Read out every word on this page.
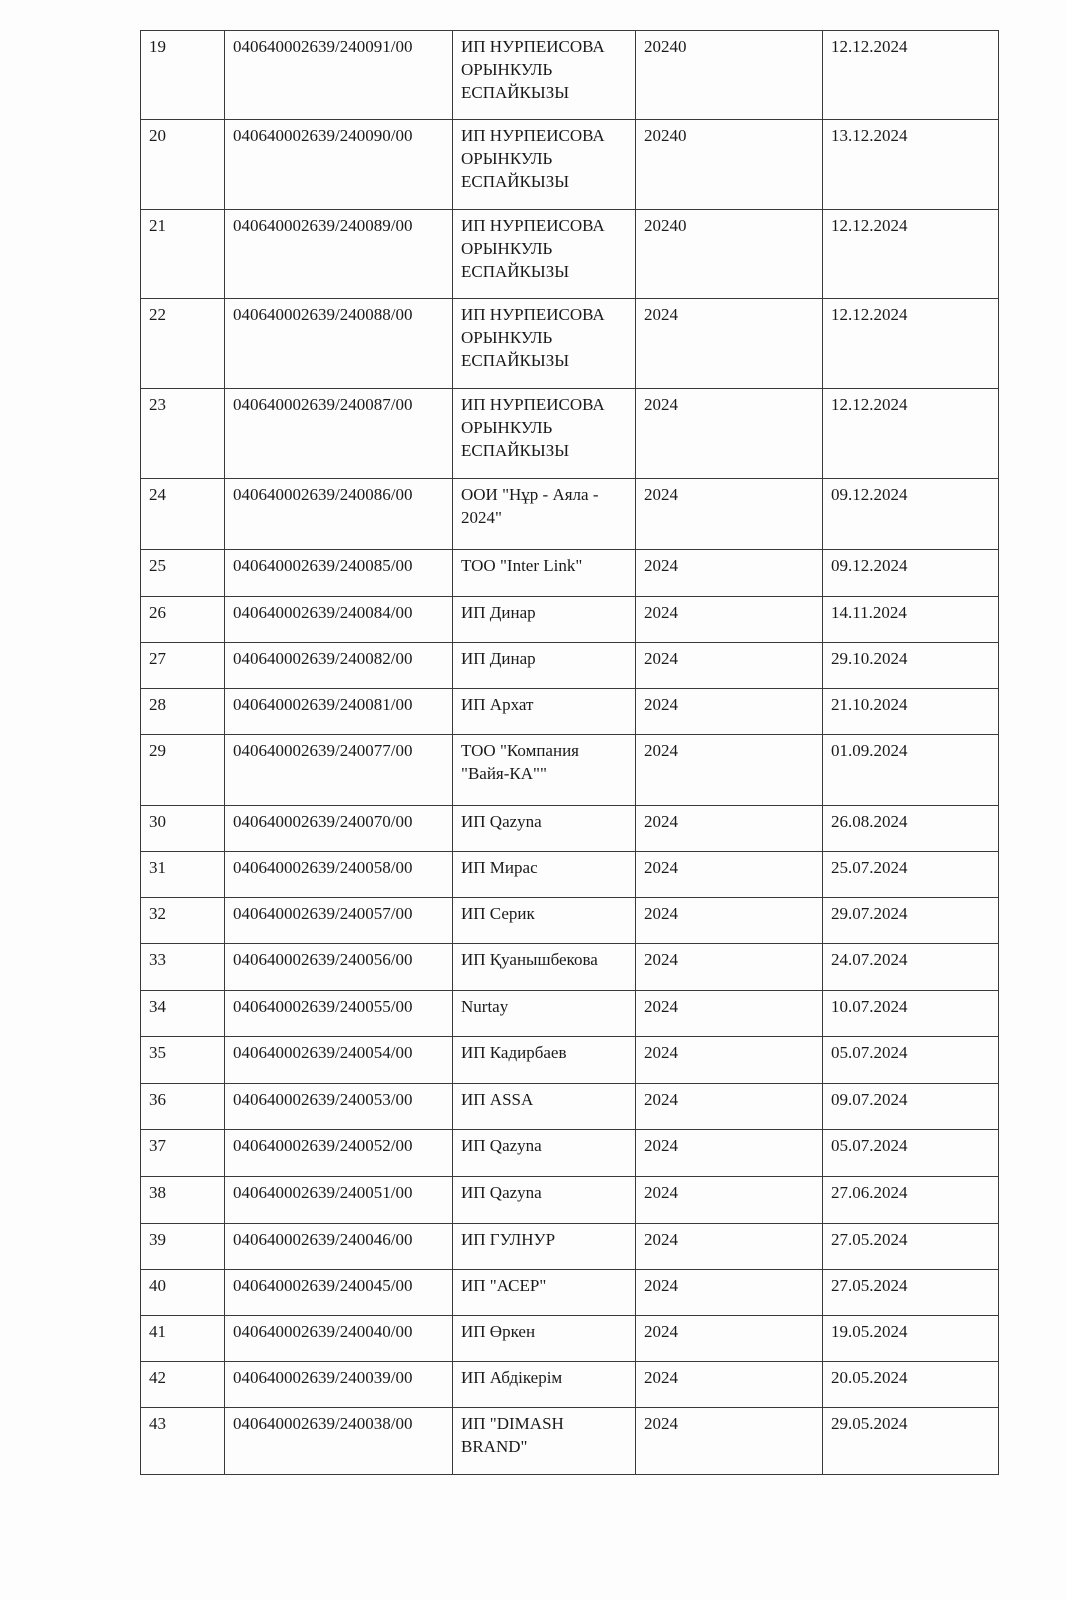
19	040640002639/240091/00	ИП НУРПЕИСОВА ОРЫНКУЛЬ ЕСПАЙКЫЗЫ	20240	12.12.2024
20	040640002639/240090/00	ИП НУРПЕИСОВА ОРЫНКУЛЬ ЕСПАЙКЫЗЫ	20240	13.12.2024
21	040640002639/240089/00	ИП НУРПЕИСОВА ОРЫНКУЛЬ ЕСПАЙКЫЗЫ	20240	12.12.2024
22	040640002639/240088/00	ИП НУРПЕИСОВА ОРЫНКУЛЬ ЕСПАЙКЫЗЫ	2024	12.12.2024
23	040640002639/240087/00	ИП НУРПЕИСОВА ОРЫНКУЛЬ ЕСПАЙКЫЗЫ	2024	12.12.2024
24	040640002639/240086/00	ООИ "Нұр - Аяла - 2024"	2024	09.12.2024
25	040640002639/240085/00	ТОО "Inter Link"	2024	09.12.2024
26	040640002639/240084/00	ИП Динар	2024	14.11.2024
27	040640002639/240082/00	ИП Динар	2024	29.10.2024
28	040640002639/240081/00	ИП Архат	2024	21.10.2024
29	040640002639/240077/00	ТОО "Компания "Вайя-КА""	2024	01.09.2024
30	040640002639/240070/00	ИП Qazyna	2024	26.08.2024
31	040640002639/240058/00	ИП Мирас	2024	25.07.2024
32	040640002639/240057/00	ИП Серик	2024	29.07.2024
33	040640002639/240056/00	ИП Қуанышбекова	2024	24.07.2024
34	040640002639/240055/00	Nurtay	2024	10.07.2024
35	040640002639/240054/00	ИП Кадирбаев	2024	05.07.2024
36	040640002639/240053/00	ИП ASSA	2024	09.07.2024
37	040640002639/240052/00	ИП Qazyna	2024	05.07.2024
38	040640002639/240051/00	ИП Qazyna	2024	27.06.2024
39	040640002639/240046/00	ИП ГУЛНУР	2024	27.05.2024
40	040640002639/240045/00	ИП "АСЕР"	2024	27.05.2024
41	040640002639/240040/00	ИП Өркен	2024	19.05.2024
42	040640002639/240039/00	ИП Абдікерім	2024	20.05.2024
43	040640002639/240038/00	ИП "DIMASH BRAND"	2024	29.05.2024
